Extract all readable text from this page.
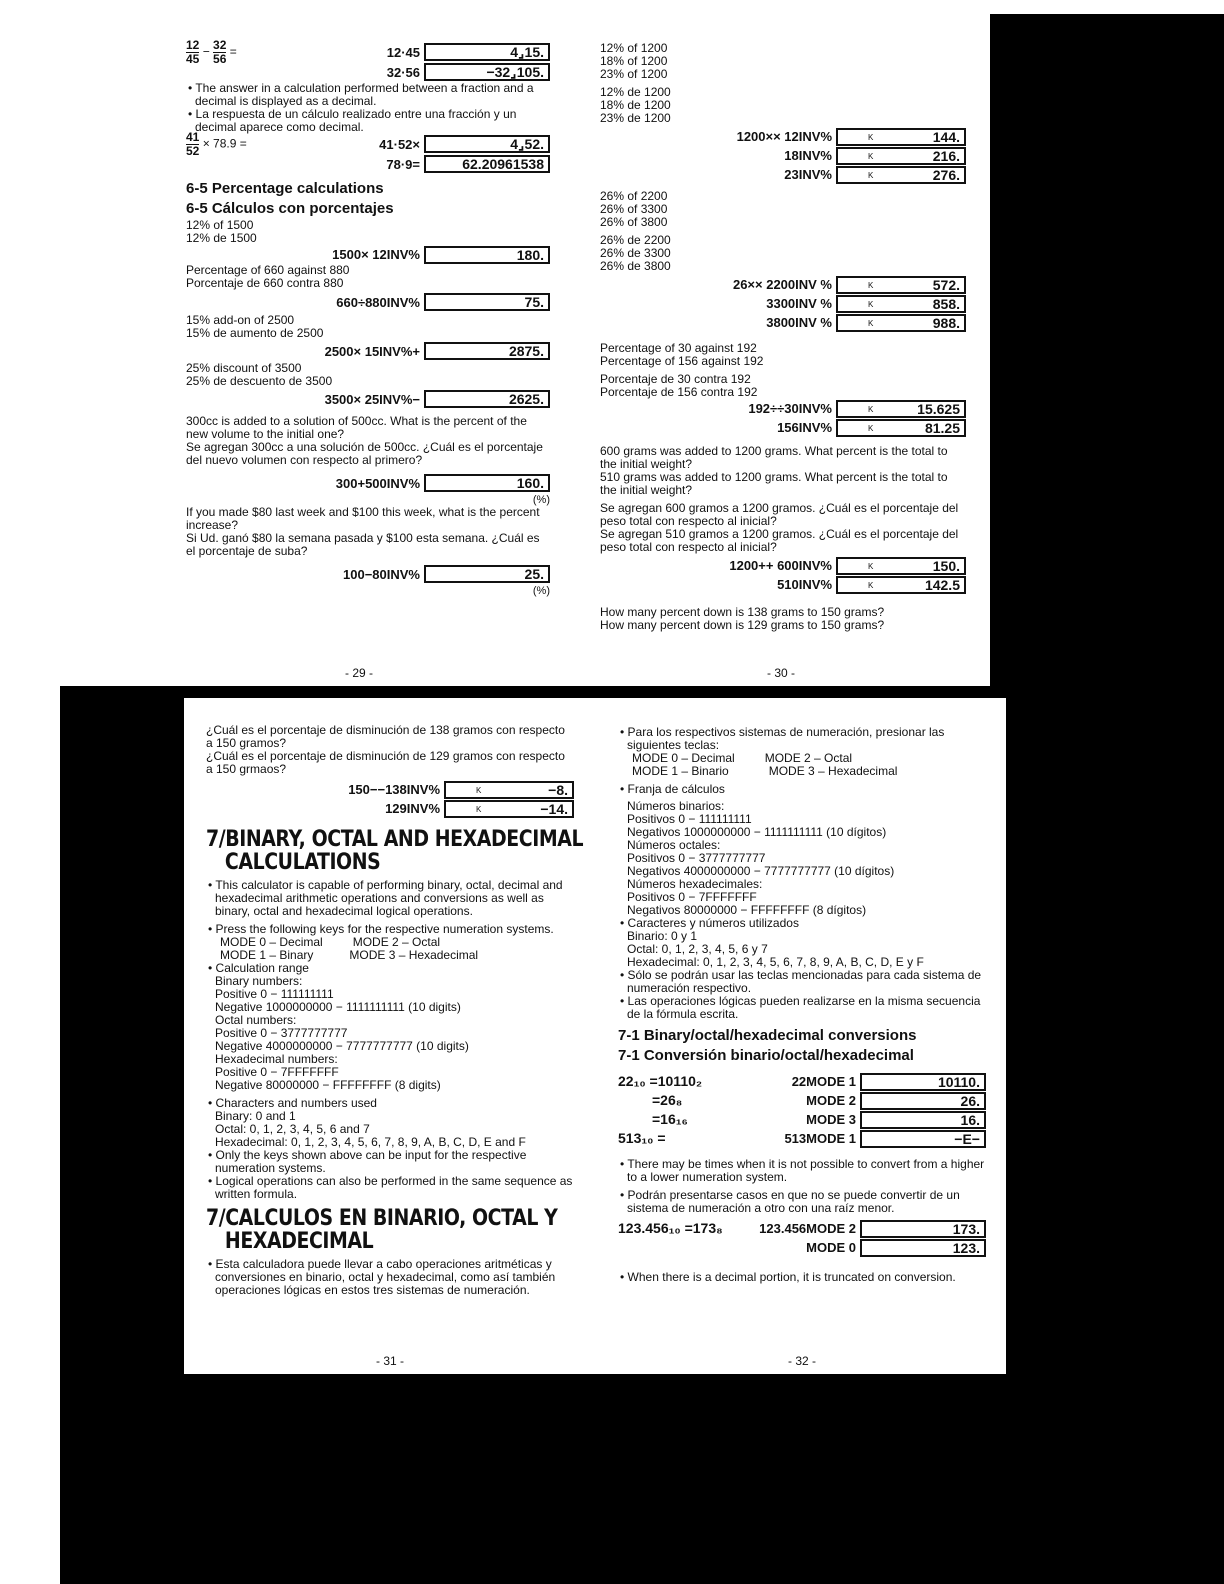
$\frac{12}{45} - \frac{32}{56}$ =	12·45	4⌟15.
32·56	−32⌟105.
• The answer in a calculation performed between a fraction and a decimal is displayed as a decimal.
• La respuesta de un cálculo realizado entre una fracción y un decimal aparece como decimal.
$\frac{41}{52} \times 78.9$ =	41·52×	4⌟52.
78·9=	62.20961538
6-5 Percentage calculations
6-5 Cálculos con porcentajes
12% of 1500
12% de 1500
1500× 12INV%	180.
Percentage of 660 against 880
Porcentaje de 660 contra 880
660÷880INV%	75.
15% add-on of 2500
15% de aumento de 2500
2500× 15INV%+	2875.
25% discount of 3500
25% de descuento de 3500
3500× 25INV%−	2625.
300cc is added to a solution of 500cc. What is the percent of the new volume to the initial one?
Se agregan 300cc a una solución de 500cc. ¿Cuál es el porcentaje del nuevo volumen con respecto al primero?
300+500INV%	160.
(%)
If you made $80 last week and $100 this week, what is the percent increase?
Si Ud. ganó $80 la semana pasada y $100 esta semana. ¿Cuál es el porcentaje de suba?
100−80INV%	25.
(%)
- 29 -
12% of 1200
18% of 1200
23% of 1200
12% de 1200
18% de 1200
23% de 1200
1200×× 12INV%	K	144.
18INV%	K	216.
23INV%	K	276.
26% of 2200
26% of 3300
26% of 3800
26% de 2200
26% de 3300
26% de 3800
26×× 2200INV %	K	572.
3300INV %	K	858.
3800INV %	K	988.
Percentage of 30 against 192
Percentage of 156 against 192
Porcentaje de 30 contra 192
Porcentaje de 156 contra 192
192÷÷30INV%	K	15.625
156INV%	K	81.25
600 grams was added to 1200 grams. What percent is the total to the initial weight?
510 grams was added to 1200 grams. What percent is the total to the initial weight?
Se agregan 600 gramos a 1200 gramos. ¿Cuál es el porcentaje del peso total con respecto al inicial?
Se agregan 510 gramos a 1200 gramos. ¿Cuál es el porcentaje del peso total con respecto al inicial?
1200++ 600INV%	K	150.
510INV%	K	142.5
How many percent down is 138 grams to 150 grams?
How many percent down is 129 grams to 150 grams?
- 30 -
¿Cuál es el porcentaje de disminución de 138 gramos con respecto a 150 gramos?
¿Cuál es el porcentaje de disminución de 129 gramos con respecto a 150 grmaos?
150−−138INV%	K	−8.
129INV%	K	−14.
7/BINARY, OCTAL AND HEXADECIMAL
CALCULATIONS
• This calculator is capable of performing binary, octal, decimal and hexadecimal arithmetic operations and conversions as well as binary, octal and hexadecimal logical operations.
• Press the following keys for the respective numeration systems.
MODE 0 – Decimal	MODE 2 – Octal
MODE 1 – Binary	MODE 3 – Hexadecimal
• Calculation range
Binary numbers:
Positive 0 − 111111111
Negative 1000000000 − 1111111111 (10 digits)
Octal numbers:
Positive 0 − 3777777777
Negative 4000000000 − 7777777777 (10 digits)
Hexadecimal numbers:
Positive 0 − 7FFFFFFF
Negative 80000000 − FFFFFFFF (8 digits)
• Characters and numbers used
Binary: 0 and 1
Octal: 0, 1, 2, 3, 4, 5, 6 and 7
Hexadecimal: 0, 1, 2, 3, 4, 5, 6, 7, 8, 9, A, B, C, D, E and F
• Only the keys shown above can be input for the respective numeration systems.
• Logical operations can also be performed in the same sequence as written formula.
7/CALCULOS EN BINARIO, OCTAL Y
HEXADECIMAL
• Esta calculadora puede llevar a cabo operaciones aritméticas y conversiones en binario, octal y hexadecimal, como así también operaciones lógicas en estos tres sistemas de numeración.
- 31 -
• Para los respectivos sistemas de numeración, presionar las siguientes teclas:
MODE 0 – Decimal	MODE 2 – Octal
MODE 1 – Binario	MODE 3 – Hexadecimal
• Franja de cálculos
Números binarios:
Positivos 0 − 111111111
Negativos 1000000000 − 1111111111 (10 dígitos)
Números octales:
Positivos 0 − 3777777777
Negativos 4000000000 − 7777777777 (10 dígitos)
Números hexadecimales:
Positivos 0 − 7FFFFFFF
Negativos 80000000 − FFFFFFFF (8 dígitos)
• Caracteres y números utilizados
Binario: 0 y 1
Octal: 0, 1, 2, 3, 4, 5, 6 y 7
Hexadecimal: 0, 1, 2, 3, 4, 5, 6, 7, 8, 9, A, B, C, D, E y F
• Sólo se podrán usar las teclas mencionadas para cada sistema de numeración respectivo.
• Las operaciones lógicas pueden realizarse en la misma secuencia de la fórmula escrita.
7-1 Binary/octal/hexadecimal conversions
7-1 Conversión binario/octal/hexadecimal
22₁₀ =10110₂	22MODE 1	10110.
=26₈	MODE 2	26.
=16₁₆	MODE 3	16.
513₁₀ =	513MODE 1	−E−
• There may be times when it is not possible to convert from a higher to a lower numeration system.
• Podrán presentarse casos en que no se puede convertir de un sistema de numeración a otro con una raíz menor.
123.456₁₀ =173₈	123.456MODE 2	173.
MODE 0	123.
• When there is a decimal portion, it is truncated on conversion.
- 32 -
